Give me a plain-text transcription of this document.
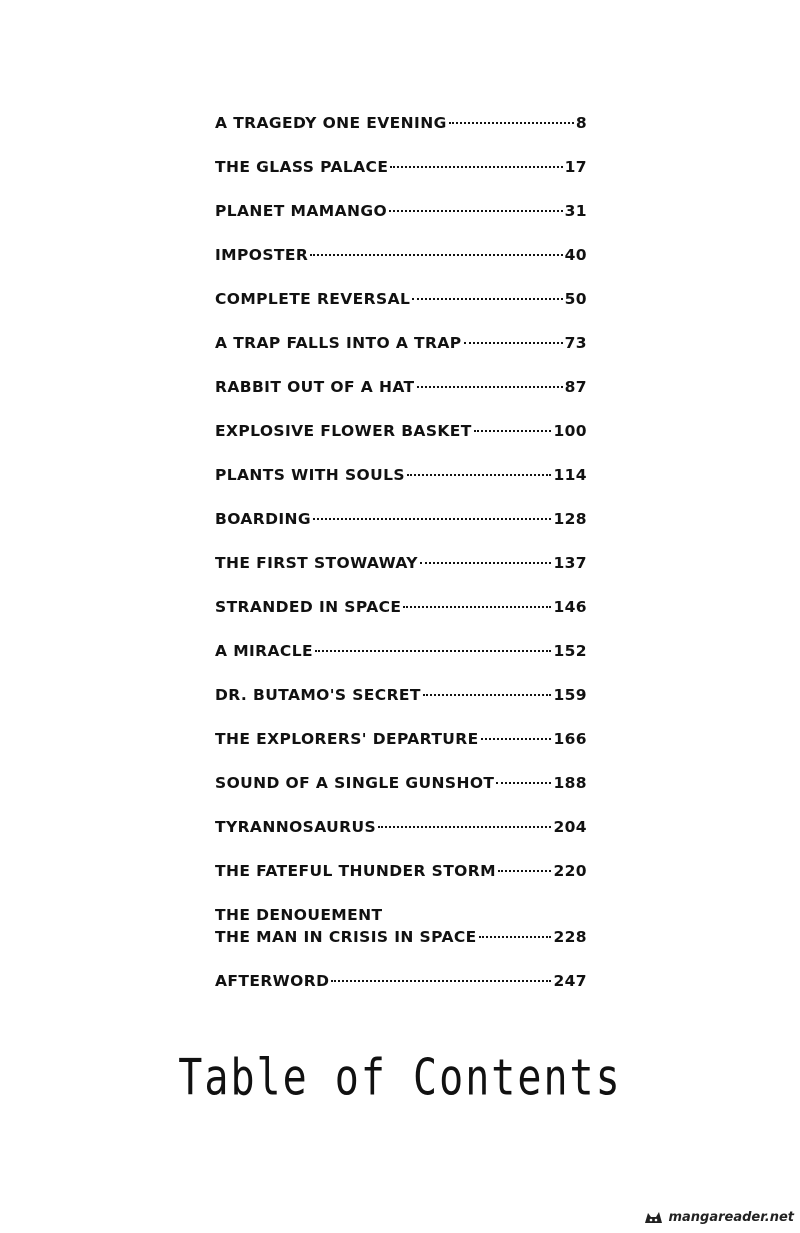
A TRAGEDY ONE EVENING	8
THE GLASS PALACE	17
PLANET MAMANGO	31
IMPOSTER	40
COMPLETE REVERSAL	50
A TRAP FALLS INTO A TRAP	73
RABBIT OUT OF A HAT	87
EXPLOSIVE FLOWER BASKET	100
PLANTS WITH SOULS	114
BOARDING	128
THE FIRST STOWAWAY	137
STRANDED IN SPACE	146
A MIRACLE	152
DR. BUTAMO'S SECRET	159
THE EXPLORERS' DEPARTURE	166
SOUND OF A SINGLE GUNSHOT	188
TYRANNOSAURUS	204
THE FATEFUL THUNDER STORM	220
THE DENOUEMENT
THE MAN IN CRISIS IN SPACE	228
AFTERWORD	247
Table of Contents
mangareader.net
